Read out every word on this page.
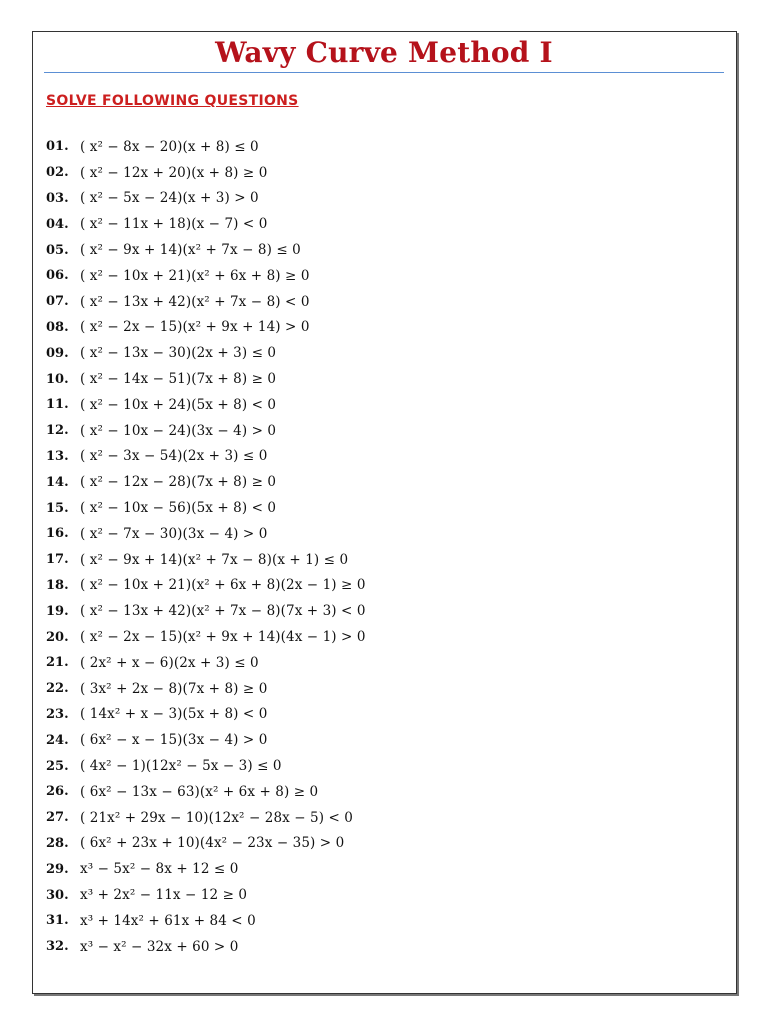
Wavy Curve Method I
SOLVE FOLLOWING QUESTIONS
01. ( x² − 8x − 20)(x + 8) ≤ 0
02. ( x² − 12x + 20)(x + 8) ≥ 0
03. ( x² − 5x − 24)(x + 3) > 0
04. ( x² − 11x + 18)(x − 7) < 0
05. ( x² − 9x + 14)(x² + 7x − 8) ≤ 0
06. ( x² − 10x + 21)(x² + 6x + 8) ≥ 0
07. ( x² − 13x + 42)(x² + 7x − 8) < 0
08. ( x² − 2x − 15)(x² + 9x + 14) > 0
09. ( x² − 13x − 30)(2x + 3) ≤ 0
10. ( x² − 14x − 51)(7x + 8) ≥ 0
11. ( x² − 10x + 24)(5x + 8) < 0
12. ( x² − 10x − 24)(3x − 4) > 0
13. ( x² − 3x − 54)(2x + 3) ≤ 0
14. ( x² − 12x − 28)(7x + 8) ≥ 0
15. ( x² − 10x − 56)(5x + 8) < 0
16. ( x² − 7x − 30)(3x − 4) > 0
17. ( x² − 9x + 14)(x² + 7x − 8)(x + 1) ≤ 0
18. ( x² − 10x + 21)(x² + 6x + 8)(2x − 1) ≥ 0
19. ( x² − 13x + 42)(x² + 7x − 8)(7x + 3) < 0
20. ( x² − 2x − 15)(x² + 9x + 14)(4x − 1) > 0
21. ( 2x² + x − 6)(2x + 3) ≤ 0
22. ( 3x² + 2x − 8)(7x + 8) ≥ 0
23. ( 14x² + x − 3)(5x + 8) < 0
24. ( 6x² − x − 15)(3x − 4) > 0
25. ( 4x² − 1)(12x² − 5x − 3) ≤ 0
26. ( 6x² − 13x − 63)(x² + 6x + 8) ≥ 0
27. ( 21x² + 29x − 10)(12x² − 28x − 5) < 0
28. ( 6x² + 23x + 10)(4x² − 23x − 35) > 0
29. x³ − 5x² − 8x + 12 ≤ 0
30. x³ + 2x² − 11x − 12 ≥ 0
31. x³ + 14x² + 61x + 84 < 0
32. x³ − x² − 32x + 60 > 0
